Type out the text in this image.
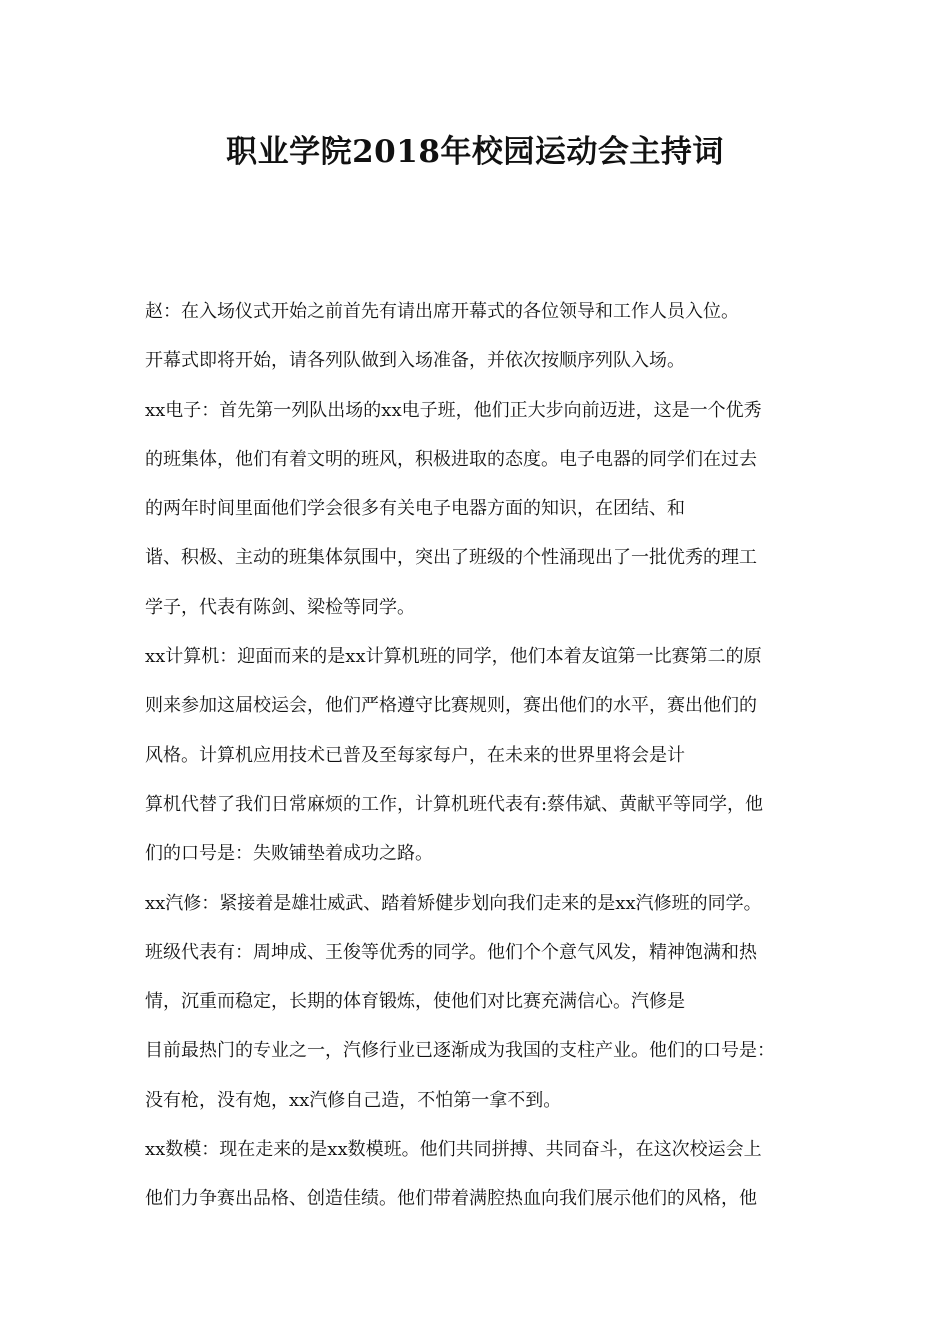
职业学院2018年校园运动会主持词
赵：在入场仪式开始之前首先有请出席开幕式的各位领导和工作人员入位。
开幕式即将开始，请各列队做到入场准备，并依次按顺序列队入场。
xx电子：首先第一列队出场的xx电子班，他们正大步向前迈进，这是一个优秀
的班集体，他们有着文明的班风，积极进取的态度。电子电器的同学们在过去
的两年时间里面他们学会很多有关电子电器方面的知识，在团结、和
谐、积极、主动的班集体氛围中，突出了班级的个性涌现出了一批优秀的理工
学子，代表有陈剑、梁检等同学。
xx计算机：迎面而来的是xx计算机班的同学，他们本着友谊第一比赛第二的原
则来参加这届校运会，他们严格遵守比赛规则，赛出他们的水平，赛出他们的
风格。计算机应用技术已普及至每家每户，在未来的世界里将会是计
算机代替了我们日常麻烦的工作，计算机班代表有:蔡伟斌、黄献平等同学，他
们的口号是：失败铺垫着成功之路。
xx汽修：紧接着是雄壮威武、踏着矫健步划向我们走来的是xx汽修班的同学。
班级代表有：周坤成、王俊等优秀的同学。他们个个意气风发，精神饱满和热
情，沉重而稳定，长期的体育锻炼，使他们对比赛充满信心。汽修是
目前最热门的专业之一，汽修行业已逐渐成为我国的支柱产业。他们的口号是：
没有枪，没有炮，xx汽修自己造，不怕第一拿不到。
xx数模：现在走来的是xx数模班。他们共同拼搏、共同奋斗，在这次校运会上
他们力争赛出品格、创造佳绩。他们带着满腔热血向我们展示他们的风格，他
